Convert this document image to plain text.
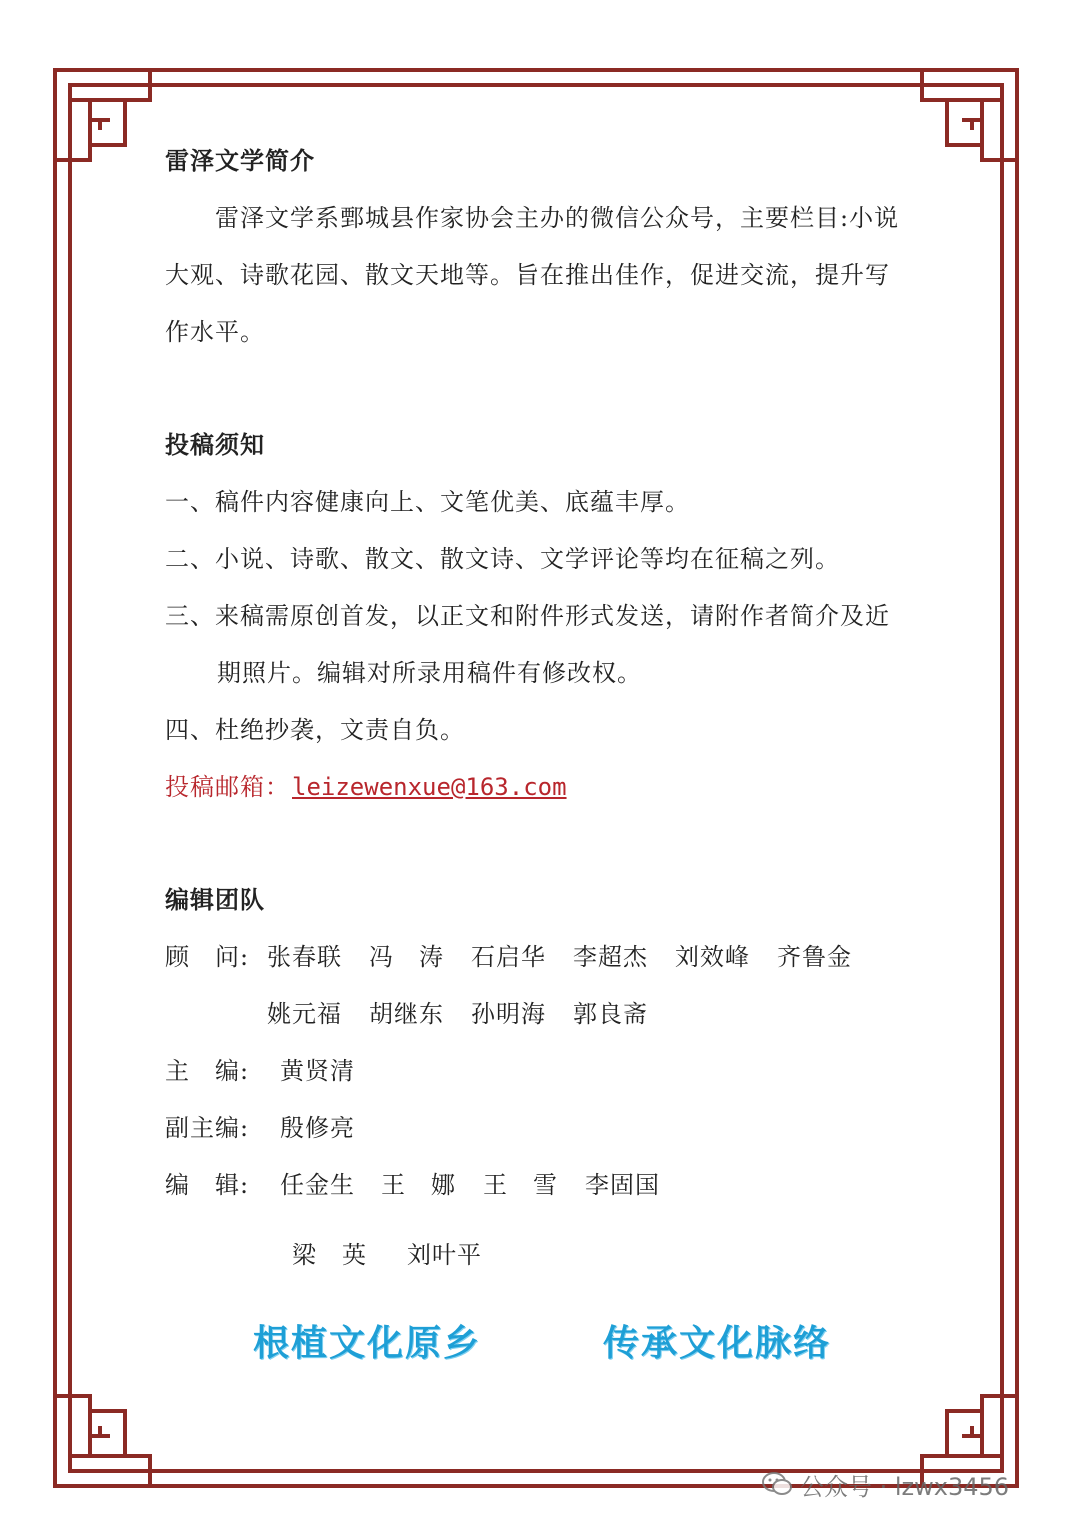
雷泽文学简介
雷泽文学系鄄城县作家协会主办的微信公众号，主要栏目:小说
大观、诗歌花园、散文天地等。旨在推出佳作，促进交流，提升写
作水平。
投稿须知
一、稿件内容健康向上、文笔优美、底蕴丰厚。
二、小说、诗歌、散文、散文诗、文学评论等均在征稿之列。
三、来稿需原创首发，以正文和附件形式发送，请附作者简介及近
期照片。编辑对所录用稿件有修改权。
四、杜绝抄袭，文责自负。
投稿邮箱： leizewenxue@163.com
编辑团队
顾　问: 张春联 冯　涛 石启华 李超杰 刘效峰 齐鲁金
姚元福 胡继东 孙明海 郭良斋
主　编: 黄贤清
副主编: 殷修亮
编　辑: 任金生 王　娜 王　雪 李固国
梁　英 刘叶平
根植文化原乡	传承文化脉络
公众号 · lzwx3456
